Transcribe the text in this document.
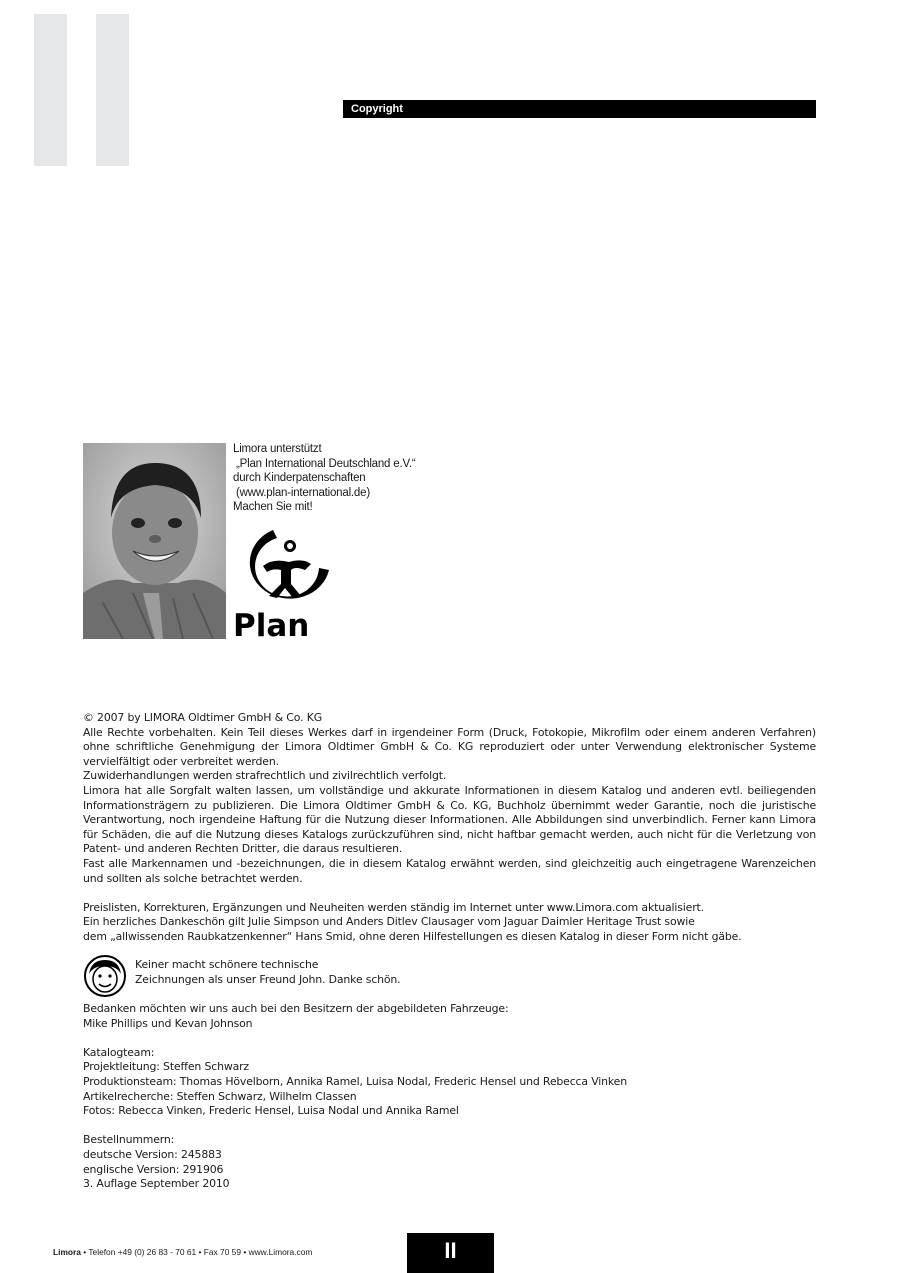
Copyright
Limora unterstützt
„Plan International Deutschland e.V.“
durch Kinderpatenschaften
(www.plan-international.de)
Machen Sie mit!
Plan

© 2007 by LIMORA Oldtimer GmbH & Co. KG

Alle Rechte vorbehalten. Kein Teil dieses Werkes darf in irgendeiner Form (Druck, Fotokopie, Mikrofilm oder einem anderen Verfahren) ohne schriftliche Genehmigung der Limora Oldtimer GmbH & Co. KG reproduziert oder unter Verwendung elektronischer Systeme vervielfältigt oder verbreitet werden.

Zuwiderhandlungen werden strafrechtlich und zivilrechtlich verfolgt.

Limora hat alle Sorgfalt walten lassen, um vollständige und akkurate Informationen in diesem Katalog und anderen evtl. beiliegenden Informationsträgern zu publizieren. Die Limora Oldtimer GmbH & Co. KG, Buchholz übernimmt weder Garantie, noch die juristische Verantwortung, noch irgendeine Haftung für die Nutzung dieser Informationen. Alle Abbildungen sind unverbindlich. Ferner kann Limora für Schäden, die auf die Nutzung dieses Katalogs zurückzuführen sind, nicht haftbar gemacht werden, auch nicht für die Verletzung von Patent- und anderen Rechten Dritter, die daraus resultieren.

Fast alle Markennamen und -bezeichnungen, die in diesem Katalog erwähnt werden, sind gleichzeitig auch eingetragene Warenzeichen und sollten als solche betrachtet werden.

Preislisten, Korrekturen, Ergänzungen und Neuheiten werden ständig im Internet unter www.Limora.com aktualisiert.

Ein herzliches Dankeschön gilt Julie Simpson und Anders Ditlev Clausager vom Jaguar Daimler Heritage Trust sowie

dem „allwissenden Raubkatzenkenner“ Hans Smid, ohne deren Hilfestellungen es diesen Katalog in dieser Form nicht gäbe.

Keiner macht schönere technische
Zeichnungen als unser Freund John. Danke schön.

Bedanken möchten wir uns auch bei den Besitzern der abgebildeten Fahrzeuge:

Mike Phillips und Kevan Johnson

Katalogteam:

Projektleitung: Steffen Schwarz

Produktionsteam: Thomas Hövelborn, Annika Ramel, Luisa Nodal, Frederic Hensel und Rebecca Vinken

Artikelrecherche: Steffen Schwarz, Wilhelm Classen

Fotos: Rebecca Vinken, Frederic Hensel, Luisa Nodal und Annika Ramel

Bestellnummern:

deutsche Version: 245883

englische Version: 291906

3. Auflage September 2010

Limora • Telefon +49 (0) 26 83 - 70 61 • Fax 70 59 • www.Limora.com	II
